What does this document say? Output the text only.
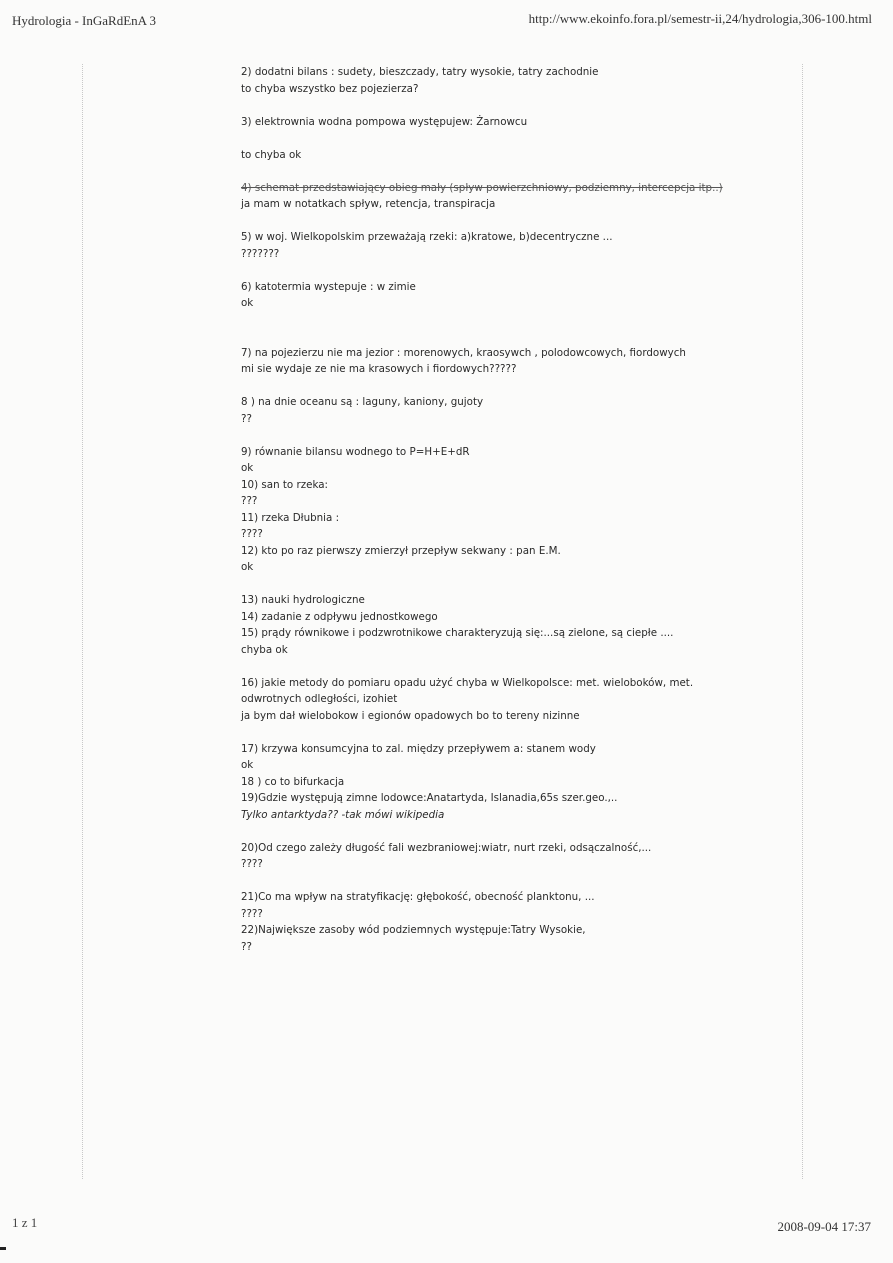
Hydrologia - InGaRdEnA 3	http://www.ekoinfo.fora.pl/semestr-ii,24/hydrologia,306-100.html
2) dodatni bilans : sudety, bieszczady, tatry wysokie, tatry zachodnie
to chyba wszystko bez pojezierza?
3) elektrownia wodna pompowa występujew: Żarnowcu
to chyba ok
4) schemat przedstawiający obieg mały (spływ powierzchniowy, podziemny, intercepcja itp..)
ja mam w notatkach spływ, retencja, transpiracja
5) w woj. Wielkopolskim przeważają rzeki: a)kratowe, b)decentryczne ...
???????
6) katotermia wystepuje : w zimie
ok
7) na pojezierzu nie ma jezior : morenowych, kraosywch , polodowcowych, fiordowych
mi sie wydaje ze nie ma krasowych i fiordowych?????
8 ) na dnie oceanu są : laguny, kaniony, gujoty
??
9) równanie bilansu wodnego to P=H+E+dR
ok
10) san to rzeka:
???
11) rzeka Dłubnia :
????
12) kto po raz pierwszy zmierzył przepływ sekwany : pan E.M.
ok
13) nauki hydrologiczne
14) zadanie z odpływu jednostkowego
15) prądy równikowe i podzwrotnikowe charakteryzują się:...są zielone, są ciepłe ....
chyba ok
16) jakie metody do pomiaru opadu użyć chyba w Wielkopolsce: met. wieloboków, met.
odwrotnych odległości, izohiet
ja bym dał wielobokow i egionów opadowych bo to tereny nizinne
17) krzywa konsumcyjna to zal. między przepływem a: stanem wody
ok
18 ) co to bifurkacja
19)Gdzie występują zimne lodowce:Anatartyda, Islanadia,65s szer.geo.,..
Tylko antarktyda?? -tak mówi wikipedia
20)Od czego zależy długość fali wezbraniowej:wiatr, nurt rzeki, odsączalność,...
????
21)Co ma wpływ na stratyfikację: głębokość, obecność planktonu, ...
????
22)Największe zasoby wód podziemnych występuje:Tatry Wysokie,
??
1 z 1	2008-09-04 17:37
